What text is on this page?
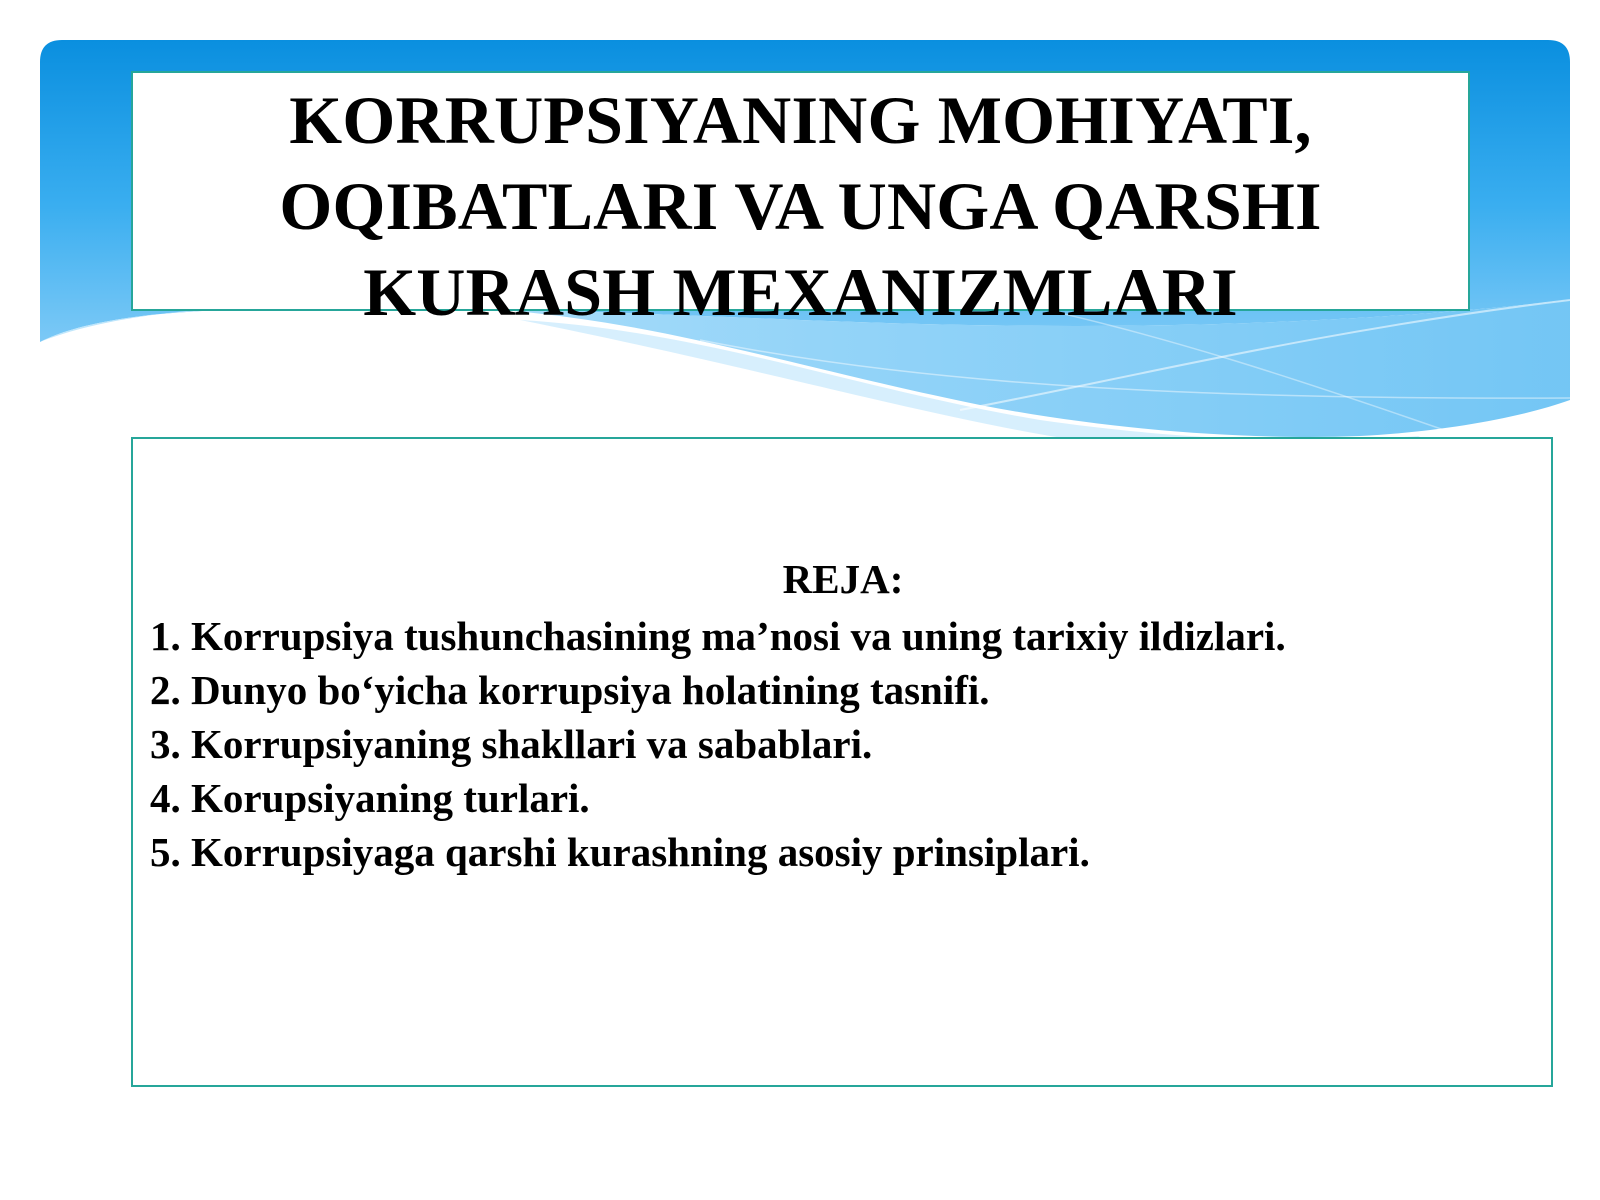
KORRUPSIYANING MOHIYATI,
OQIBATLARI VA UNGA QARSHI
KURASH MEXANIZMLARI
REJA:
1. Korrupsiya tushunchasining ma’nosi va uning tarixiy ildizlari.
2. Dunyo bo‘yicha korrupsiya holatining tasnifi.
3. Korrupsiyaning shakllari va sabablari.
4. Korupsiyaning turlari.
5. Korrupsiyaga qarshi kurashning asosiy prinsiplari.
